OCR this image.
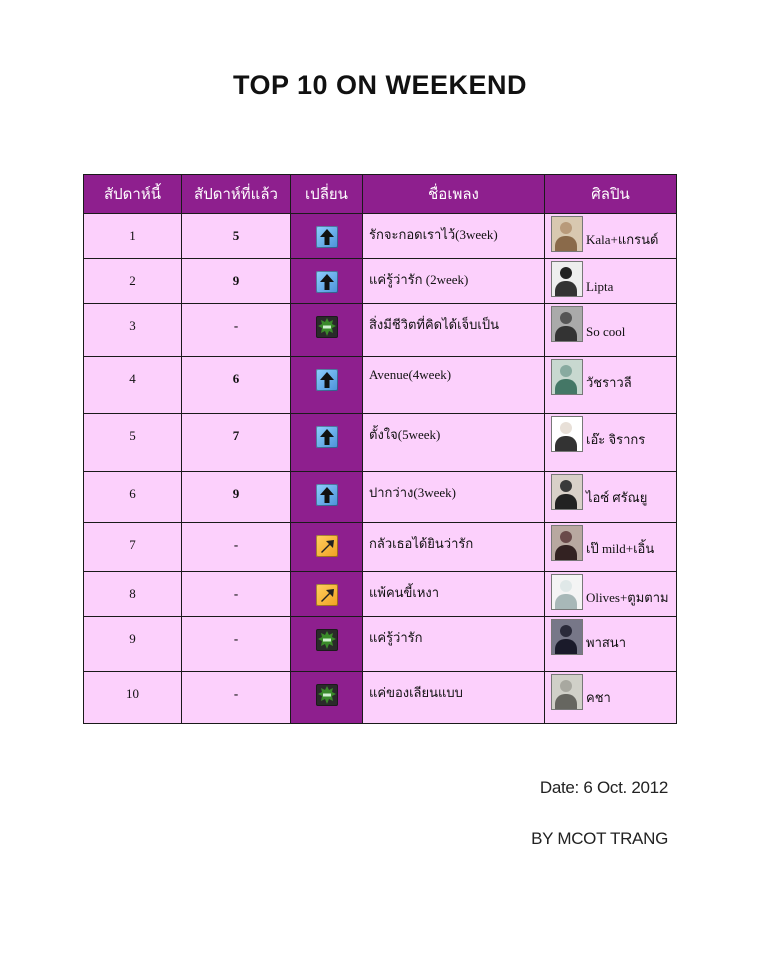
TOP 10 ON WEEKEND
สัปดาห์นี้	สัปดาห์ที่แล้ว	เปลี่ยน	ชื่อเพลง	ศิลปิน
1	5		รักจะกอดเราไว้(3week)	Kala+แกรนด์

2	9		แค่รู้ว่ารัก (2week)	Lipta

3	-		สิ่งมีชีวิตที่คิดได้เจ็บเป็น	So cool

4	6		Avenue(4week)	วัชราวลี

5	7		ตั้งใจ(5week)	เอ๊ะ จิรากร

6	9		ปากว่าง(3week)	ไอซ์ ศรัณยู

7	-		กลัวเธอได้ยินว่ารัก	เป๊ mild+เอิ้น

8	-		แพ้คนขี้เหงา	Olives+ตูมตาม

9	-		แค่รู้ว่ารัก	พาสนา

10	-		แค่ของเลียนแบบ	คชา
Date: 6 Oct. 2012
BY MCOT TRANG
